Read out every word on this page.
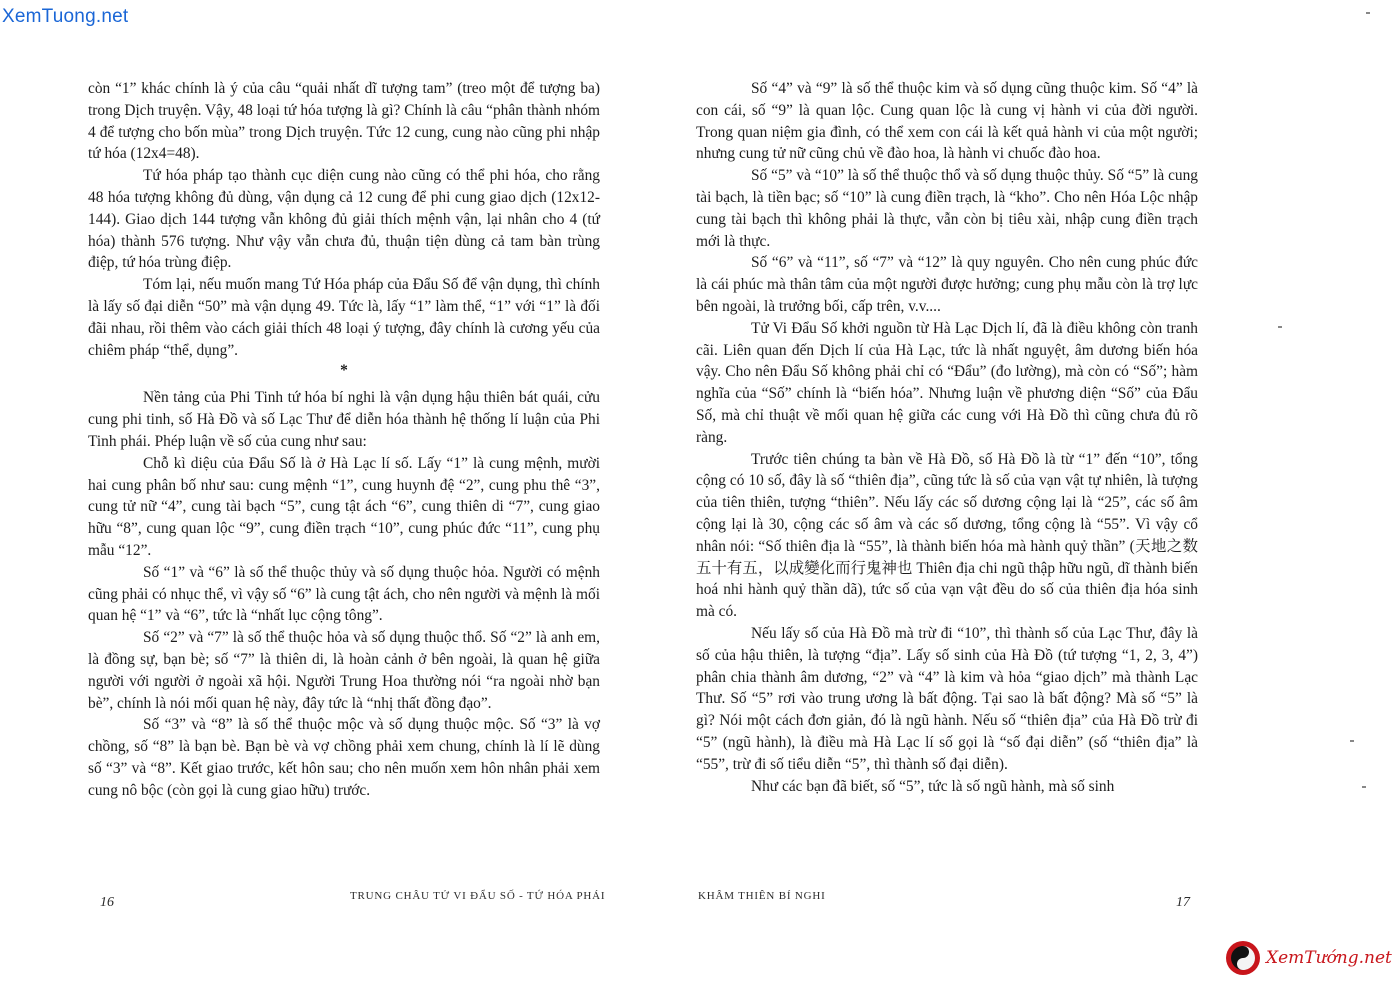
XemTuong.net

còn “1” khác chính là ý của câu “quải nhất dĩ tượng tam” (treo một để tượng ba) trong Dịch truyện. Vậy, 48 loại tứ hóa tượng là gì? Chính là câu “phân thành nhóm 4 để tượng cho bốn mùa” trong Dịch truyện. Tức 12 cung, cung nào cũng phi nhập tứ hóa (12x4=48).

Tứ hóa pháp tạo thành cục diện cung nào cũng có thể phi hóa, cho rằng 48 hóa tượng không đủ dùng, vận dụng cả 12 cung để phi cung giao dịch (12x12-144). Giao dịch 144 tượng vẫn không đủ giải thích mệnh vận, lại nhân cho 4 (tứ hóa) thành 576 tượng. Như vậy vẫn chưa đủ, thuận tiện dùng cả tam bàn trùng điệp, tứ hóa trùng điệp.

Tóm lại, nếu muốn mang Tứ Hóa pháp của Đẩu Số để vận dụng, thì chính là lấy số đại diễn “50” mà vận dụng 49. Tức là, lấy “1” làm thể, “1” với “1” là đối đãi nhau, rồi thêm vào cách giải thích 48 loại ý tượng, đây chính là cương yếu của chiêm pháp “thể, dụng”.

*

Nền tảng của Phi Tinh tứ hóa bí nghi là vận dụng hậu thiên bát quái, cửu cung phi tinh, số Hà Đồ và số Lạc Thư để diễn hóa thành hệ thống lí luận của Phi Tinh phái. Phép luận về số của cung như sau:

Chỗ kì diệu của Đẩu Số là ở Hà Lạc lí số. Lấy “1” là cung mệnh, mười hai cung phân bố như sau: cung mệnh “1”, cung huynh đệ “2”, cung phu thê “3”, cung tử nữ “4”, cung tài bạch “5”, cung tật ách “6”, cung thiên di “7”, cung giao hữu “8”, cung quan lộc “9”, cung điền trạch “10”, cung phúc đức “11”, cung phụ mẫu “12”.

Số “1” và “6” là số thể thuộc thủy và số dụng thuộc hỏa. Người có mệnh cũng phải có nhục thể, vì vậy số “6” là cung tật ách, cho nên người và mệnh là mối quan hệ “1” và “6”, tức là “nhất lục cộng tông”.

Số “2” và “7” là số thể thuộc hỏa và số dụng thuộc thổ. Số “2” là anh em, là đồng sự, bạn bè; số “7” là thiên di, là hoàn cảnh ở bên ngoài, là quan hệ giữa người với người ở ngoài xã hội. Người Trung Hoa thường nói “ra ngoài nhờ bạn bè”, chính là nói mối quan hệ này, đây tức là “nhị thất đồng đạo”.

Số “3” và “8” là số thể thuộc mộc và số dụng thuộc mộc. Số “3” là vợ chồng, số “8” là bạn bè. Bạn bè và vợ chồng phải xem chung, chính là lí lẽ dùng số “3” và “8”. Kết giao trước, kết hôn sau; cho nên muốn xem hôn nhân phải xem cung nô bộc (còn gọi là cung giao hữu) trước.

Số “4” và “9” là số thể thuộc kim và số dụng cũng thuộc kim. Số “4” là con cái, số “9” là quan lộc. Cung quan lộc là cung vị hành vi của đời người. Trong quan niệm gia đình, có thể xem con cái là kết quả hành vi của một người; nhưng cung tử nữ cũng chủ về đào hoa, là hành vi chuốc đào hoa.

Số “5” và “10” là số thể thuộc thổ và số dụng thuộc thủy. Số “5” là cung tài bạch, là tiền bạc; số “10” là cung điền trạch, là “kho”. Cho nên Hóa Lộc nhập cung tài bạch thì không phải là thực, vẫn còn bị tiêu xài, nhập cung điền trạch mới là thực.

Số “6” và “11”, số “7” và “12” là quy nguyên. Cho nên cung phúc đức là cái phúc mà thân tâm của một người được hưởng; cung phụ mẫu còn là trợ lực bên ngoài, là trưởng bối, cấp trên, v.v....

Tử Vi Đẩu Số khởi nguồn từ Hà Lạc Dịch lí, đã là điều không còn tranh cãi. Liên quan đến Dịch lí của Hà Lạc, tức là nhất nguyệt, âm dương biến hóa vậy. Cho nên Đẩu Số không phải chỉ có “Đẩu” (đo lường), mà còn có “Số”; hàm nghĩa của “Số” chính là “biến hóa”. Nhưng luận về phương diện “Số” của Đẩu Số, mà chỉ thuật về mối quan hệ giữa các cung với Hà Đồ thì cũng chưa đủ rõ ràng.

Trước tiên chúng ta bàn về Hà Đồ, số Hà Đồ là từ “1” đến “10”, tổng cộng có 10 số, đây là số “thiên địa”, cũng tức là số của vạn vật tự nhiên, là tượng của tiên thiên, tượng “thiên”. Nếu lấy các số dương cộng lại là “25”, các số âm cộng lại là 30, cộng các số âm và các số dương, tổng cộng là “55”. Vì vậy cổ nhân nói: “Số thiên địa là “55”, là thành biến hóa mà hành quỷ thần” (天地之数五十有五，以成變化而行鬼神也 Thiên địa chi ngũ thập hữu ngũ, dĩ thành biến hoá nhi hành quỷ thần dã), tức số của vạn vật đều do số của thiên địa hóa sinh mà có.

Nếu lấy số của Hà Đồ mà trừ đi “10”, thì thành số của Lạc Thư, đây là số của hậu thiên, là tượng “địa”. Lấy số sinh của Hà Đồ (tứ tượng “1, 2, 3, 4”) phân chia thành âm dương, “2” và “4” là kim và hỏa “giao dịch” mà thành Lạc Thư. Số “5” rơi vào trung ương là bất động. Tại sao là bất động? Mà số “5” là gì? Nói một cách đơn giản, đó là ngũ hành. Nếu số “thiên địa” của Hà Đồ trừ đi “5” (ngũ hành), là điều mà Hà Lạc lí số gọi là “số đại diễn” (số “thiên địa” là “55”, trừ đi số tiểu diễn “5”, thì thành số đại diễn).

Như các bạn đã biết, số “5”, tức là số ngũ hành, mà số sinh

16	TRUNG CHÂU TỬ VI ĐẨU SỐ - TỨ HÓA PHÁI	KHÂM THIÊN BÍ NGHI	17
XemTướng.net
